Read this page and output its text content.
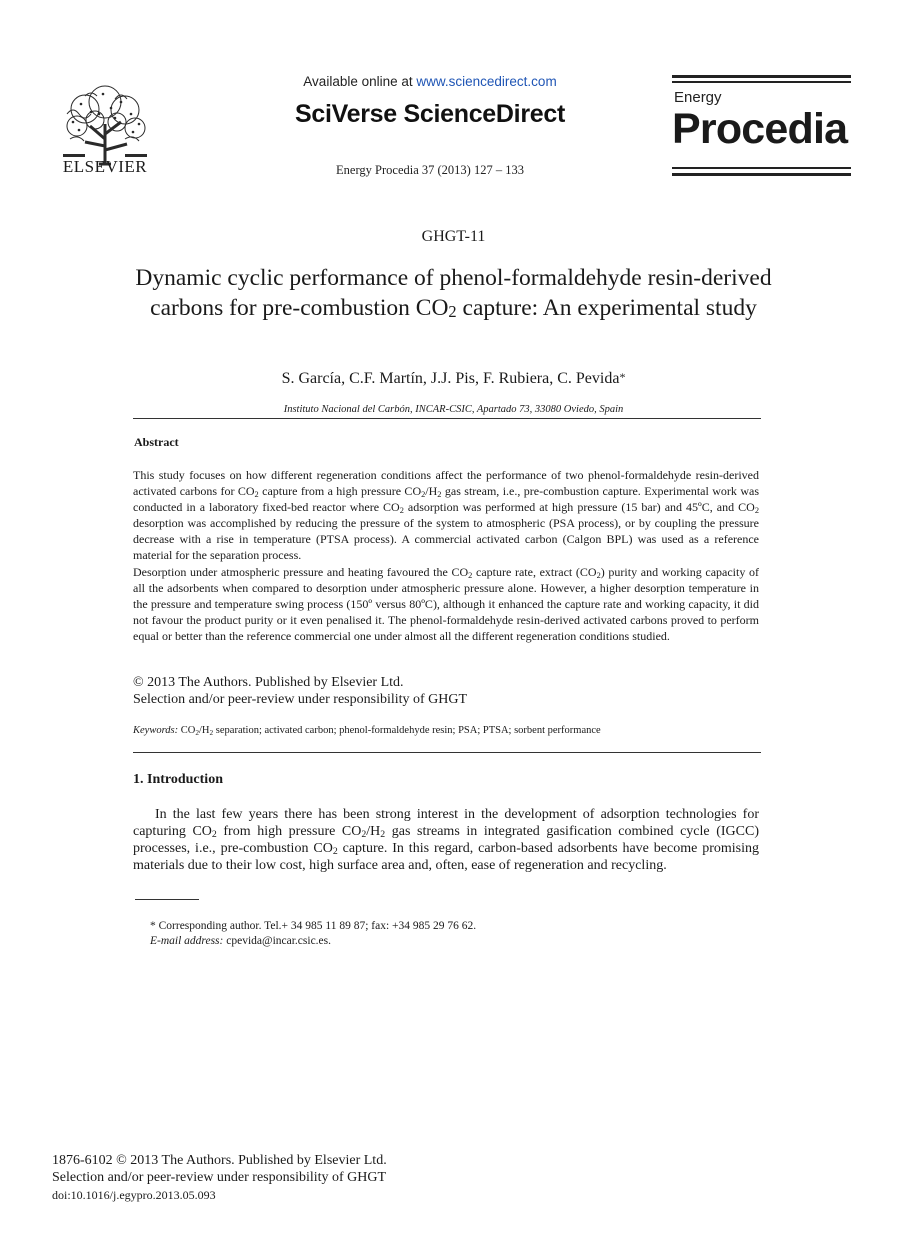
ELSEVIER
Available online at www.sciencedirect.com
SciVerse ScienceDirect
Energy Procedia 37 (2013) 127 – 133
Energy
Procedia
GHGT-11
Dynamic cyclic performance of phenol-formaldehyde resin-derived carbons for pre-combustion $CO_2$ capture: An experimental study
S. García, C.F. Martín, J.J. Pis, F. Rubiera, C. Pevida*
Instituto Nacional del Carbón, INCAR-CSIC, Apartado 73, 33080 Oviedo, Spain
Abstract
This study focuses on how different regeneration conditions affect the performance of two phenol-formaldehyde resin-derived activated carbons for $CO_2$ capture from a high pressure $CO_2/H_2$ gas stream, i.e., pre-combustion capture. Experimental work was conducted in a laboratory fixed-bed reactor where $CO_2$ adsorption was performed at high pressure (15 bar) and 45ºC, and $CO_2$ desorption was accomplished by reducing the pressure of the system to atmospheric (PSA process), or by coupling the pressure decrease with a rise in temperature (PTSA process). A commercial activated carbon (Calgon BPL) was used as a reference material for the separation process.
Desorption under atmospheric pressure and heating favoured the $CO_2$ capture rate, extract $(CO_2)$ purity and working capacity of all the adsorbents when compared to desorption under atmospheric pressure alone. However, a higher desorption temperature in the pressure and temperature swing process (150º versus 80ºC), although it enhanced the capture rate and working capacity, it did not favour the product purity or it even penalised it. The phenol-formaldehyde resin-derived activated carbons proved to perform equal or better than the reference commercial one under almost all the different regeneration conditions studied.
© 2013 The Authors. Published by Elsevier Ltd.
Selection and/or peer-review under responsibility of GHGT
Keywords: $CO_2/H_2$ separation; activated carbon; phenol-formaldehyde resin; PSA; PTSA; sorbent performance
1. Introduction
In the last few years there has been strong interest in the development of adsorption technologies for capturing $CO_2$ from high pressure $CO_2/H_2$ gas streams in integrated gasification combined cycle (IGCC) processes, i.e., pre-combustion $CO_2$ capture. In this regard, carbon-based adsorbents have become promising materials due to their low cost, high surface area and, often, ease of regeneration and recycling.
* Corresponding author. Tel.+ 34 985 11 89 87; fax: +34 985 29 76 62.
E-mail address: cpevida@incar.csic.es.
1876-6102 © 2013 The Authors. Published by Elsevier Ltd.
Selection and/or peer-review under responsibility of GHGT
doi:10.1016/j.egypro.2013.05.093
